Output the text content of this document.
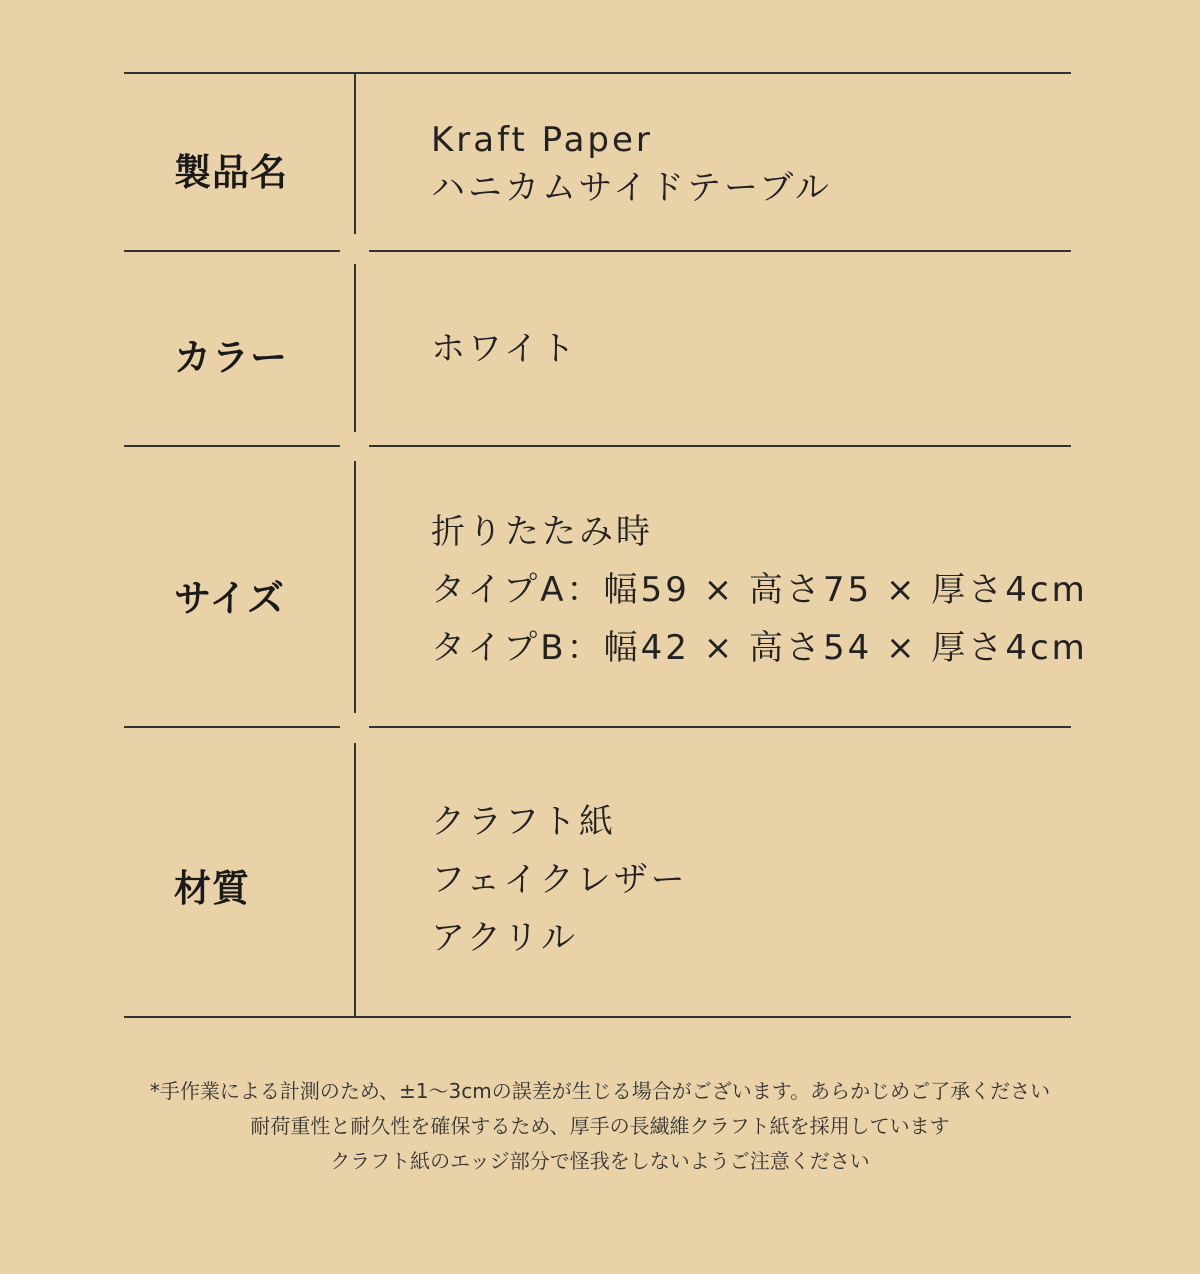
製品名
Kraft Paper
ハニカムサイドテーブル
カラー	ホワイト
サイズ
折りたたみ時
タイプA：幅59 × 高さ75 × 厚さ4cm
タイプB：幅42 × 高さ54 × 厚さ4cm
材質
クラフト紙
フェイクレザー
アクリル
*手作業による計測のため、±1〜3cmの誤差が生じる場合がございます。あらかじめご了承ください
耐荷重性と耐久性を確保するため、厚手の長繊維クラフト紙を採用しています
クラフト紙のエッジ部分で怪我をしないようご注意ください
